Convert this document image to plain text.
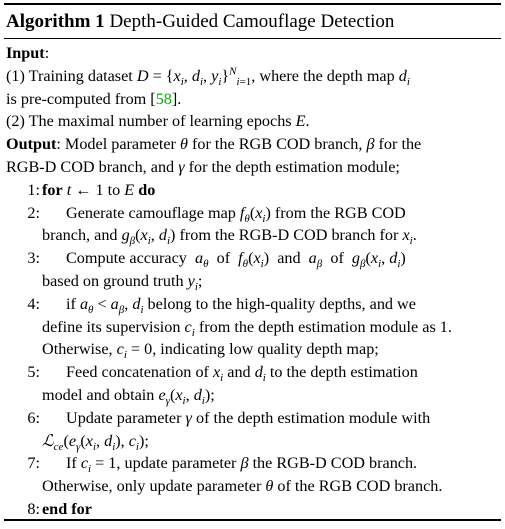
Algorithm 1 Depth-Guided Camouflage Detection
Input:
(1) Training dataset $D = \{x_i$, $d_i$, $y_i\}^N_{i=1}$, where the depth map $d_i$
is pre-computed from [58].
(2) The maximal number of learning epochs E.
Output: Model parameter θ for the RGB COD branch, β for the
RGB-D COD branch, and γ for the depth estimation module;
1: for t ← 1 to E do
2: Generate camouflage map $f_\theta(x_i)$ from the RGB COD
branch, and $g_\beta(x_i$, $d_i$) from the RGB-D COD branch for $x_i$.
3: Compute accuracy $a_\theta$ of $f_\theta(x_i)$  and $a_\beta$ of $g_\beta(x_i$, $d_i$)
based on ground truth $y_i$;
4: if $a_\theta < a_\beta$, $d_i$ belong to the high-quality depths, and we
define its supervision $c_i$ from the depth estimation module as 1.
Otherwise, $c_i = 0$, indicating low quality depth map;
5: Feed concatenation of $x_i$ and $d_i$ to the depth estimation
model and obtain $e_\gamma(x_i$, $d_i$);
6: Update parameter γ of the depth estimation module with
$ℒ_{ce}(e_\gamma(x_i$, $d_i$), $c_i$);
7: If $c_i = 1$, update parameter β the RGB-D COD branch.
Otherwise, only update parameter θ of the RGB COD branch.
8: end for
